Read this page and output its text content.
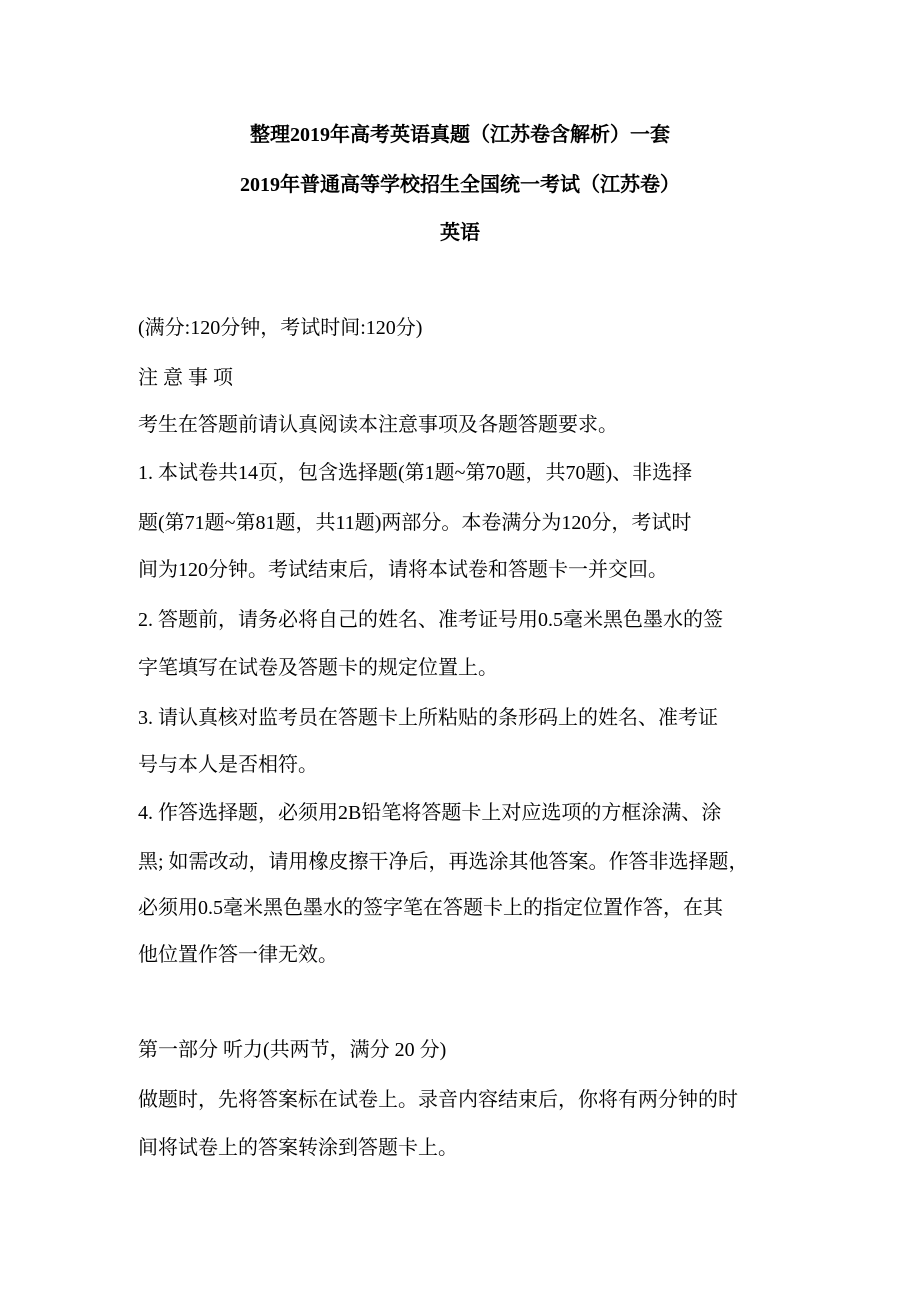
整理2019年高考英语真题（江苏卷含解析）一套
2019年普通高等学校招生全国统一考试（江苏卷）
英语
(满分:120分钟，考试时间:120分)
注 意 事 项
考生在答题前请认真阅读本注意事项及各题答题要求。
1. 本试卷共14页，包含选择题(第1题~第70题，共70题)、非选择
题(第71题~第81题，共11题)两部分。本卷满分为120分，考试时
间为120分钟。考试结束后，请将本试卷和答题卡一并交回。
2. 答题前，请务必将自己的姓名、准考证号用0.5毫米黑色墨水的签
字笔填写在试卷及答题卡的规定位置上。
3. 请认真核对监考员在答题卡上所粘贴的条形码上的姓名、准考证
号与本人是否相符。
4. 作答选择题，必须用2B铅笔将答题卡上对应选项的方框涂满、涂
黑; 如需改动，请用橡皮擦干净后，再选涂其他答案。作答非选择题，
必须用0.5毫米黑色墨水的签字笔在答题卡上的指定位置作答，在其
他位置作答一律无效。
第一部分 听力(共两节，满分 20 分)
做题时，先将答案标在试卷上。录音内容结束后，你将有两分钟的时
间将试卷上的答案转涂到答题卡上。
